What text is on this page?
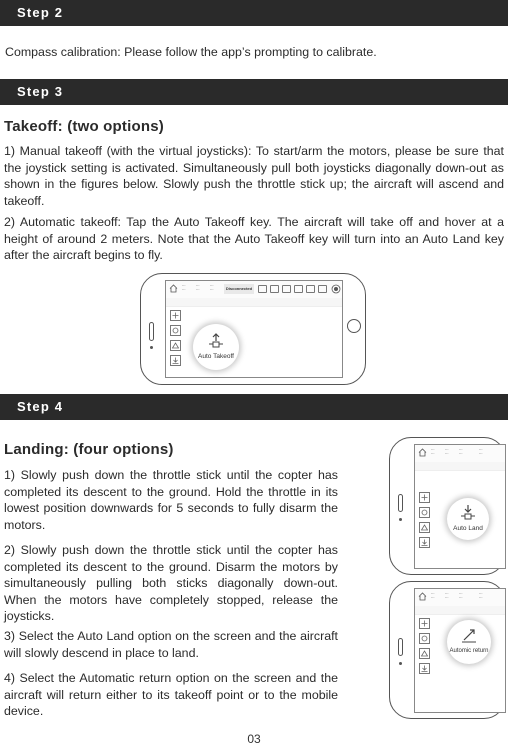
Step 2

Compass calibration: Please follow the app’s prompting to calibrate.

Step 3
Takeoff: (two options)

1) Manual takeoff (with the virtual joysticks): To start/arm the motors, please be sure that the joystick setting is activated. Simultaneously pull both joysticks diagonally down-out as shown in the figures below. Slowly push the throttle stick up; the aircraft will ascend and takeoff.

2) Automatic takeoff: Tap the Auto Takeoff key. The aircraft will take off and hover at a height of around 2 meters. Note that the Auto Takeoff key will turn into an Auto Land key after the aircraft begins to fly.

---
---
---
---
---
---	Disconnected
Auto Takeoff
Step 4
Landing: (four options)

1) Slowly push down the throttle stick until the copter has completed its descent to the ground. Hold the throttle in its lowest position downwards for 5 seconds to fully disarm the motors.

2) Slowly push down the throttle stick until the copter has completed its descent to the ground. Disarm the motors by simultaneously pulling both sticks diagonally down-out. When the motors have completely stopped, release the joysticks.

3) Select the Auto Land option on the screen and the aircraft will slowly descend in place to land.

4) Select the Automatic return option on the screen and the aircraft will return either to its takeoff point or to the mobile device.

---
---
---
---
---
---
---
---
Auto Land
---
---
---
---
---
---
---
---
Automic return
03
